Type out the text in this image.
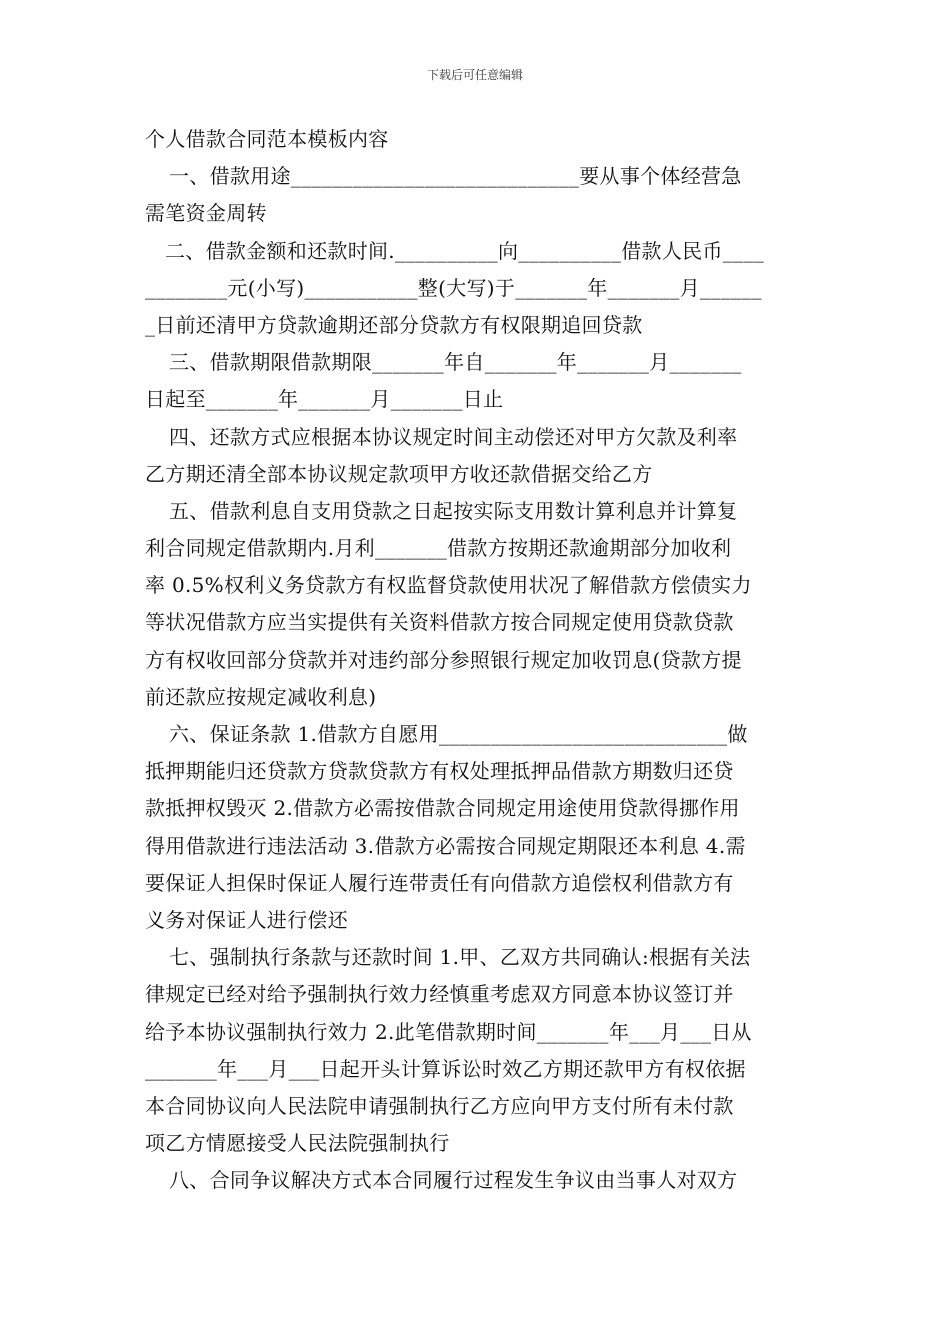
下载后可任意编辑
个人借款合同范本模板内容
一、借款用途____________________________要从事个体经营急
需笔资金周转
二、借款金额和还款时间.__________向__________借款人民币____
________元(小写)___________整(大写)于_______年_______月______
_日前还清甲方贷款逾期还部分贷款方有权限期追回贷款
三、借款期限借款期限_______年自_______年_______月_______
日起至_______年_______月_______日止
四、还款方式应根据本协议规定时间主动偿还对甲方欠款及利率
乙方期还清全部本协议规定款项甲方收还款借据交给乙方
五、借款利息自支用贷款之日起按实际支用数计算利息并计算复
利合同规定借款期内.月利_______借款方按期还款逾期部分加收利
率 0.5%权利义务贷款方有权监督贷款使用状况了解借款方偿债实力
等状况借款方应当实提供有关资料借款方按合同规定使用贷款贷款
方有权收回部分贷款并对违约部分参照银行规定加收罚息(贷款方提
前还款应按规定减收利息)
六、保证条款 1.借款方自愿用____________________________做
抵押期能归还贷款方贷款贷款方有权处理抵押品借款方期数归还贷
款抵押权毁灭 2.借款方必需按借款合同规定用途使用贷款得挪作用
得用借款进行违法活动 3.借款方必需按合同规定期限还本利息 4.需
要保证人担保时保证人履行连带责任有向借款方追偿权利借款方有
义务对保证人进行偿还
七、强制执行条款与还款时间 1.甲、乙双方共同确认:根据有关法
律规定已经对给予强制执行效力经慎重考虑双方同意本协议签订并
给予本协议强制执行效力 2.此笔借款期时间_______年___月___日从
_______年___月___日起开头计算诉讼时效乙方期还款甲方有权依据
本合同协议向人民法院申请强制执行乙方应向甲方支付所有未付款
项乙方情愿接受人民法院强制执行
八、合同争议解决方式本合同履行过程发生争议由当事人对双方
